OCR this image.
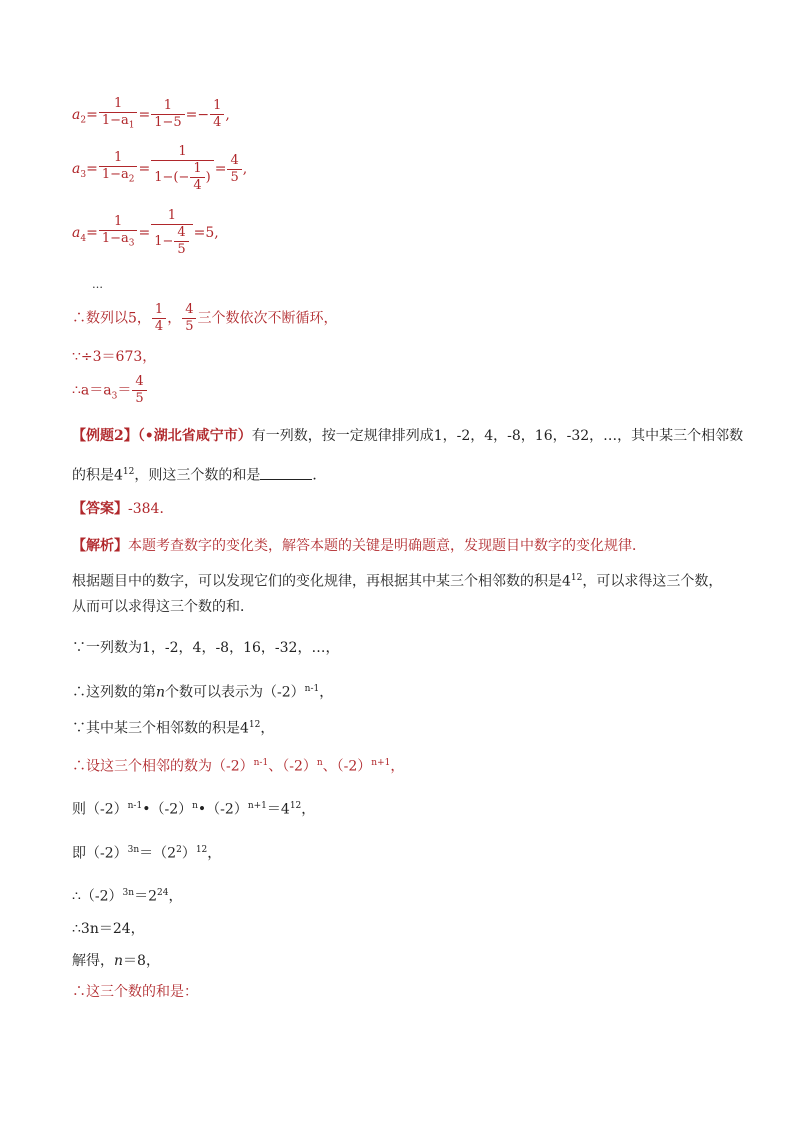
$a_2= \frac{1}{1-a_1} = \frac{1}{1-5} =- \frac{1}{4}$ ,
$a_3= \frac{1}{1-a_2} = \frac{1}{1-(- \frac{1}{4} )} = \frac{4}{5}$ ,
$a_4= \frac{1}{1-a_3} = \frac{1}{1- \frac{4}{5}} =5$,
…
∴数列以5， $\frac{1}{4}$ ， $\frac{4}{5}$ 三个数依次不断循环，
∵÷3＝673，
$\therefore a=a_3= \frac{4}{5}$
【例题2】（•湖北省咸宁市）有一列数，按一定规律排列成1，-2，4，-8，16，-32，…，其中某三个相邻数
的积是$4^{12}$，则这三个数的和是	．
【答案】-384．
【解析】本题考查数字的变化类，解答本题的关键是明确题意，发现题目中数字的变化规律．
根据题目中的数字，可以发现它们的变化规律，再根据其中某三个相邻数的积是$4^{12}$，可以求得这三个数，
从而可以求得这三个数的和．
∵一列数为1，-2，4，-8，16，-32，…，
∴这列数的第n个数可以表示为$(-2)^{n-1}$，
∵其中某三个相邻数的积是$4^{12}$，
∴设这三个相邻的数为$(-2)^{n-1}$、$(-2)^n$、$(-2)^{n+1}$，
则$(-2)^{n-1}•(-2)^n•(-2)^{n+1}=4^{12}$，
即$(-2)^{3n}=(2^2)^{12}$，
$\therefore(-2)^{3n}=2^{24}$，
∴3n＝24，
解得，n＝8，
∴这三个数的和是：
